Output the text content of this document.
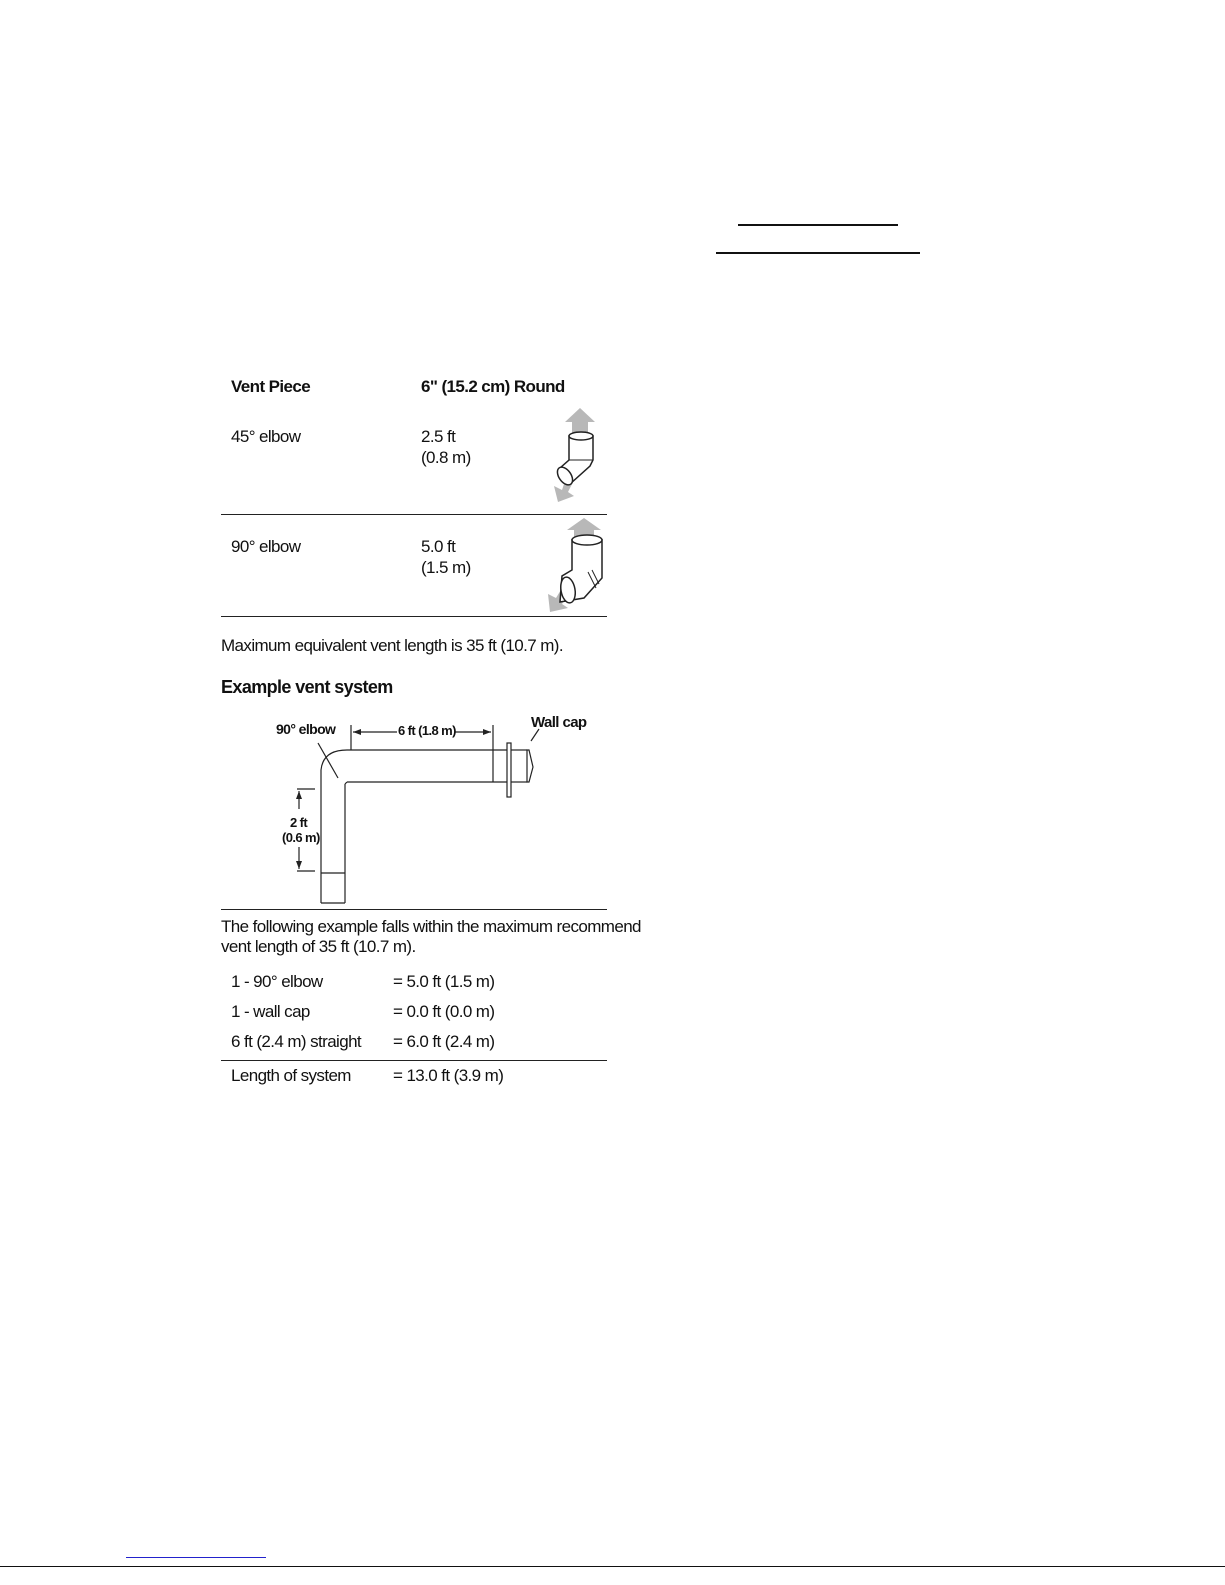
Vent Piece	6" (15.2 cm) Round
45° elbow	2.5 ft
(0.8 m)
90° elbow	5.0 ft
(1.5 m)
Maximum equivalent vent length is 35 ft (10.7 m).
Example vent system
90° elbow	6 ft (1.8 m)	Wall cap
2 ft
(0.6 m)
The following example falls within the maximum recommend
vent length of 35 ft (10.7 m).
1 - 90° elbow	= 5.0 ft (1.5 m)
1 - wall cap	= 0.0 ft (0.0 m)
6 ft (2.4 m) straight = 6.0 ft (2.4 m)
Length of system = 13.0 ft (3.9 m)
